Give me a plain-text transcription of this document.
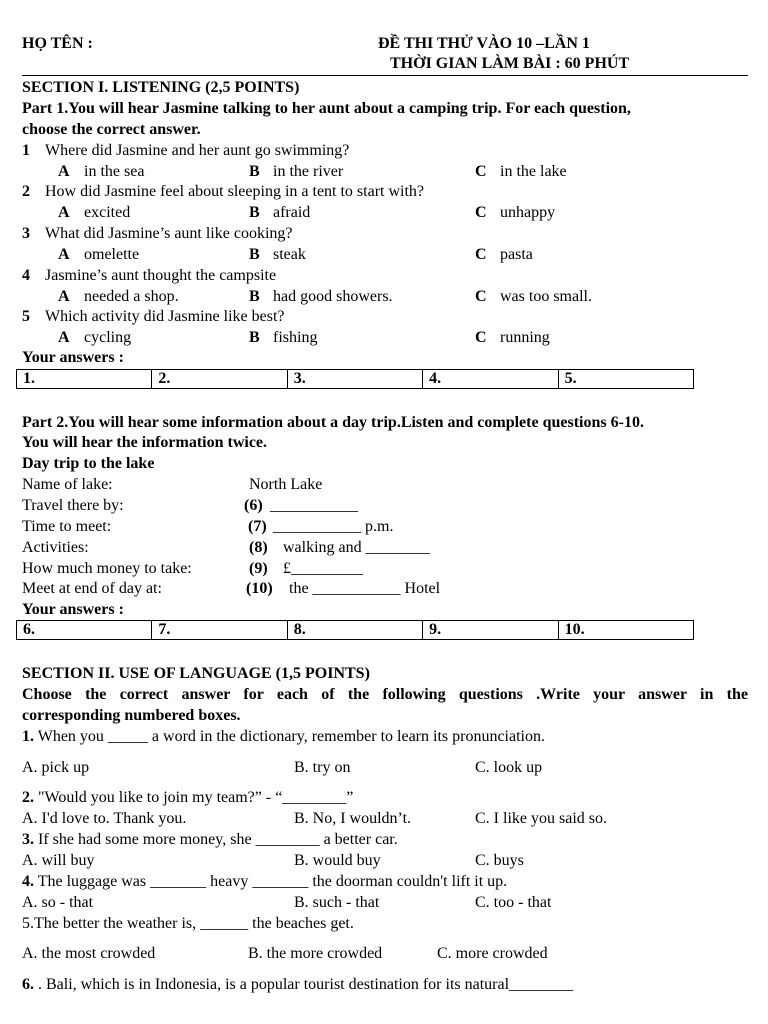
HỌ TÊN :	ĐỀ THI THỬ VÀO 10 –LẦN 1
THỜI GIAN LÀM BÀI : 60 PHÚT
SECTION I. LISTENING (2,5 POINTS)
Part 1.You will hear Jasmine talking to her aunt about a camping trip. For each question,
choose the correct answer.
1 Where did Jasmine and her aunt go swimming?
A in the sea	B in the river	C in the lake
2 How did Jasmine feel about sleeping in a tent to start with?
A excited	B afraid	C unhappy
3 What did Jasmine’s aunt like cooking?
A omelette	B steak	C pasta
4 Jasmine’s aunt thought the campsite
A needed a shop.	B had good showers.	C was too small.
5 Which activity did Jasmine like best?
A cycling	B fishing	C running
Your answers :
1.	2.	3.	4.	5.
Part 2.You will hear some information about a day trip.Listen and complete questions 6-10.
You will hear the information twice.
Day trip to the lake
Name of lake:	North Lake
Travel there by:	(6) ___________
Time to meet:	(7) ___________ p.m.
Activities:	(8) walking and ________
How much money to take:	(9) £_________
Meet at end of day at:	(10) the ___________ Hotel
Your answers :
6.	7.	8.	9.	10.
SECTION II. USE OF LANGUAGE (1,5 POINTS)
Choose the correct answer for each of the following questions .Write your answer in the
corresponding numbered boxes.
1. When you _____ a word in the dictionary, remember to learn its pronunciation.
A. pick up	B. try on	C. look up
2. "Would you like to join my team?” - “________”
A. I'd love to. Thank you.	B. No, I wouldn’t.	C. I like you said so.
3. If she had some more money, she ________ a better car.
A. will buy	B. would buy	C. buys
4. The luggage was _______ heavy _______ the doorman couldn't lift it up.
A. so - that	B. such - that	C. too - that
5.The better the weather is, ______ the beaches get.
A. the most crowded	B. the more crowded	C. more crowded
6. . Bali, which is in Indonesia, is a popular tourist destination for its natural________
